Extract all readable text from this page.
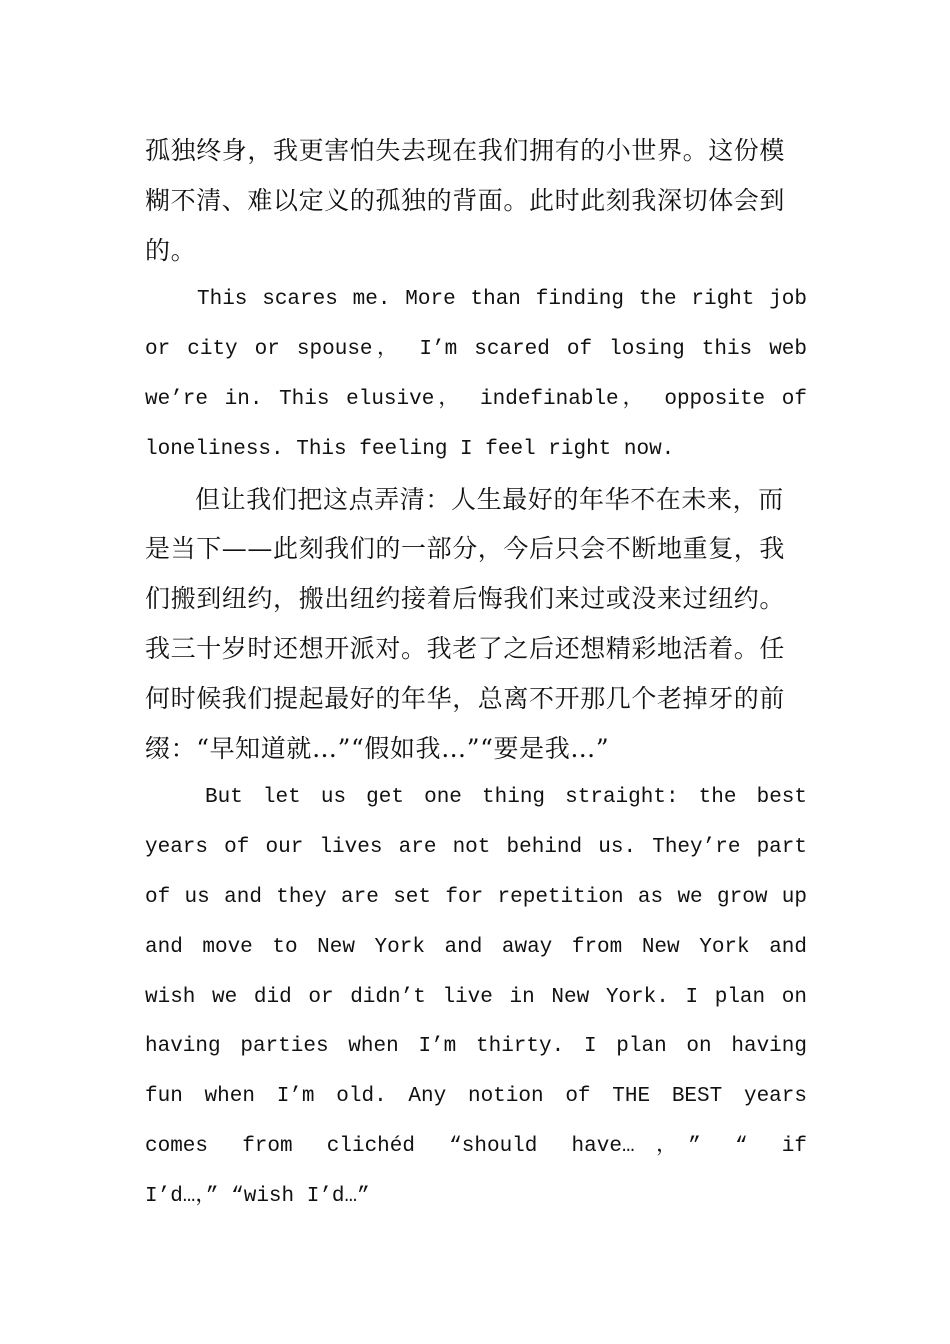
孤独终身，我更害怕失去现在我们拥有的小世界。这份模
糊不清、难以定义的孤独的背面。此时此刻我深切体会到
的。
This scares me. More than finding the right job
or city or spouse， I’m scared of losing this web
we’re in. This elusive， indefinable， opposite of
loneliness. This feeling I feel right now.
但让我们把这点弄清：人生最好的年华不在未来，而
是当下——此刻我们的一部分，今后只会不断地重复，我
们搬到纽约，搬出纽约接着后悔我们来过或没来过纽约。
我三十岁时还想开派对。我老了之后还想精彩地活着。任
何时候我们提起最好的年华，总离不开那几个老掉牙的前
缀：“早知道就…”“假如我…”“要是我…”
But let us get one thing straight: the best
years of our lives are not behind us. They’re part
of us and they are set for repetition as we grow up
and move to New York and away from New York and
wish we did or didn’t live in New York. I plan on
having parties when I’m thirty. I plan on having
fun when I’m old. Any notion of THE BEST years
comes from clichéd “should have…，” “ if
I’d…，” “wish I’d…”
